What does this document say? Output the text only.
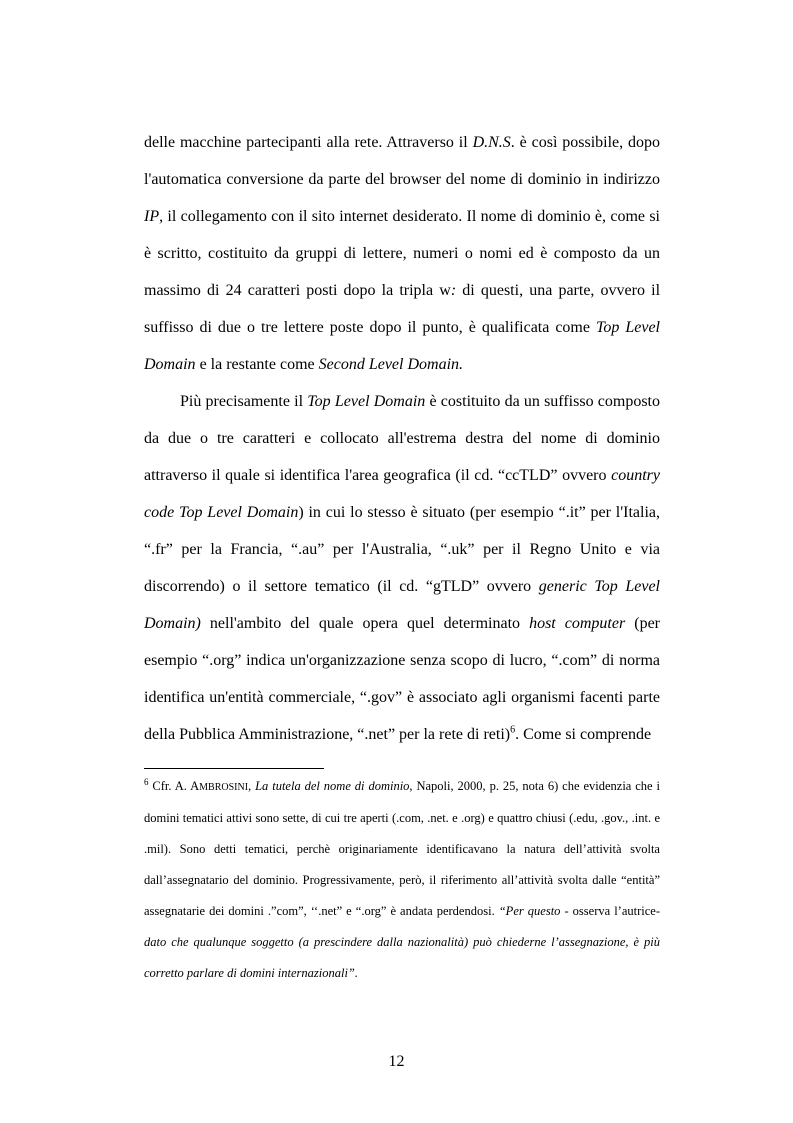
delle macchine partecipanti alla rete. Attraverso il D.N.S. è così possibile, dopo l'automatica conversione da parte del browser del nome di dominio in indirizzo IP, il collegamento con il sito internet desiderato. Il nome di dominio è, come si è scritto, costituito da gruppi di lettere, numeri o nomi ed è composto da un massimo di 24 caratteri posti dopo la tripla w: di questi, una parte, ovvero il suffisso di due o tre lettere poste dopo il punto, è qualificata come Top Level Domain e la restante come Second Level Domain.

Più precisamente il Top Level Domain è costituito da un suffisso composto da due o tre caratteri e collocato all'estrema destra del nome di dominio attraverso il quale si identifica l'area geografica (il cd. “ccTLD” ovvero country code Top Level Domain) in cui lo stesso è situato (per esempio “.it” per l'Italia, “.fr” per la Francia, “.au” per l'Australia, “.uk” per il Regno Unito e via discorrendo) o il settore tematico (il cd. “gTLD” ovvero generic Top Level Domain) nell'ambito del quale opera quel determinato host computer (per esempio “.org” indica un'organizzazione senza scopo di lucro, “.com” di norma identifica un'entità commerciale, “.gov” è associato agli organismi facenti parte della Pubblica Amministrazione, “.net” per la rete di reti)$^6$. Come si comprende

$^6$ Cfr. A. AMBROSINI, La tutela del nome di dominio, Napoli, 2000, p. 25, nota 6) che evidenzia che i domini tematici attivi sono sette, di cui tre aperti (.com, .net. e .org) e quattro chiusi (.edu, .gov., .int. e .mil). Sono detti tematici, perchè originariamente identificavano la natura dell’attività svolta dall’assegnatario del dominio. Progressivamente, però, il riferimento all’attività svolta dalle “entità” assegnatarie dei domini .”com”, ‘‘.net” e “.org” è andata perdendosi. “Per questo - osserva l’autrice- dato che qualunque soggetto (a prescindere dalla nazionalità) può chiederne l’assegnazione, è più corretto parlare di domini internazionali”.

12
